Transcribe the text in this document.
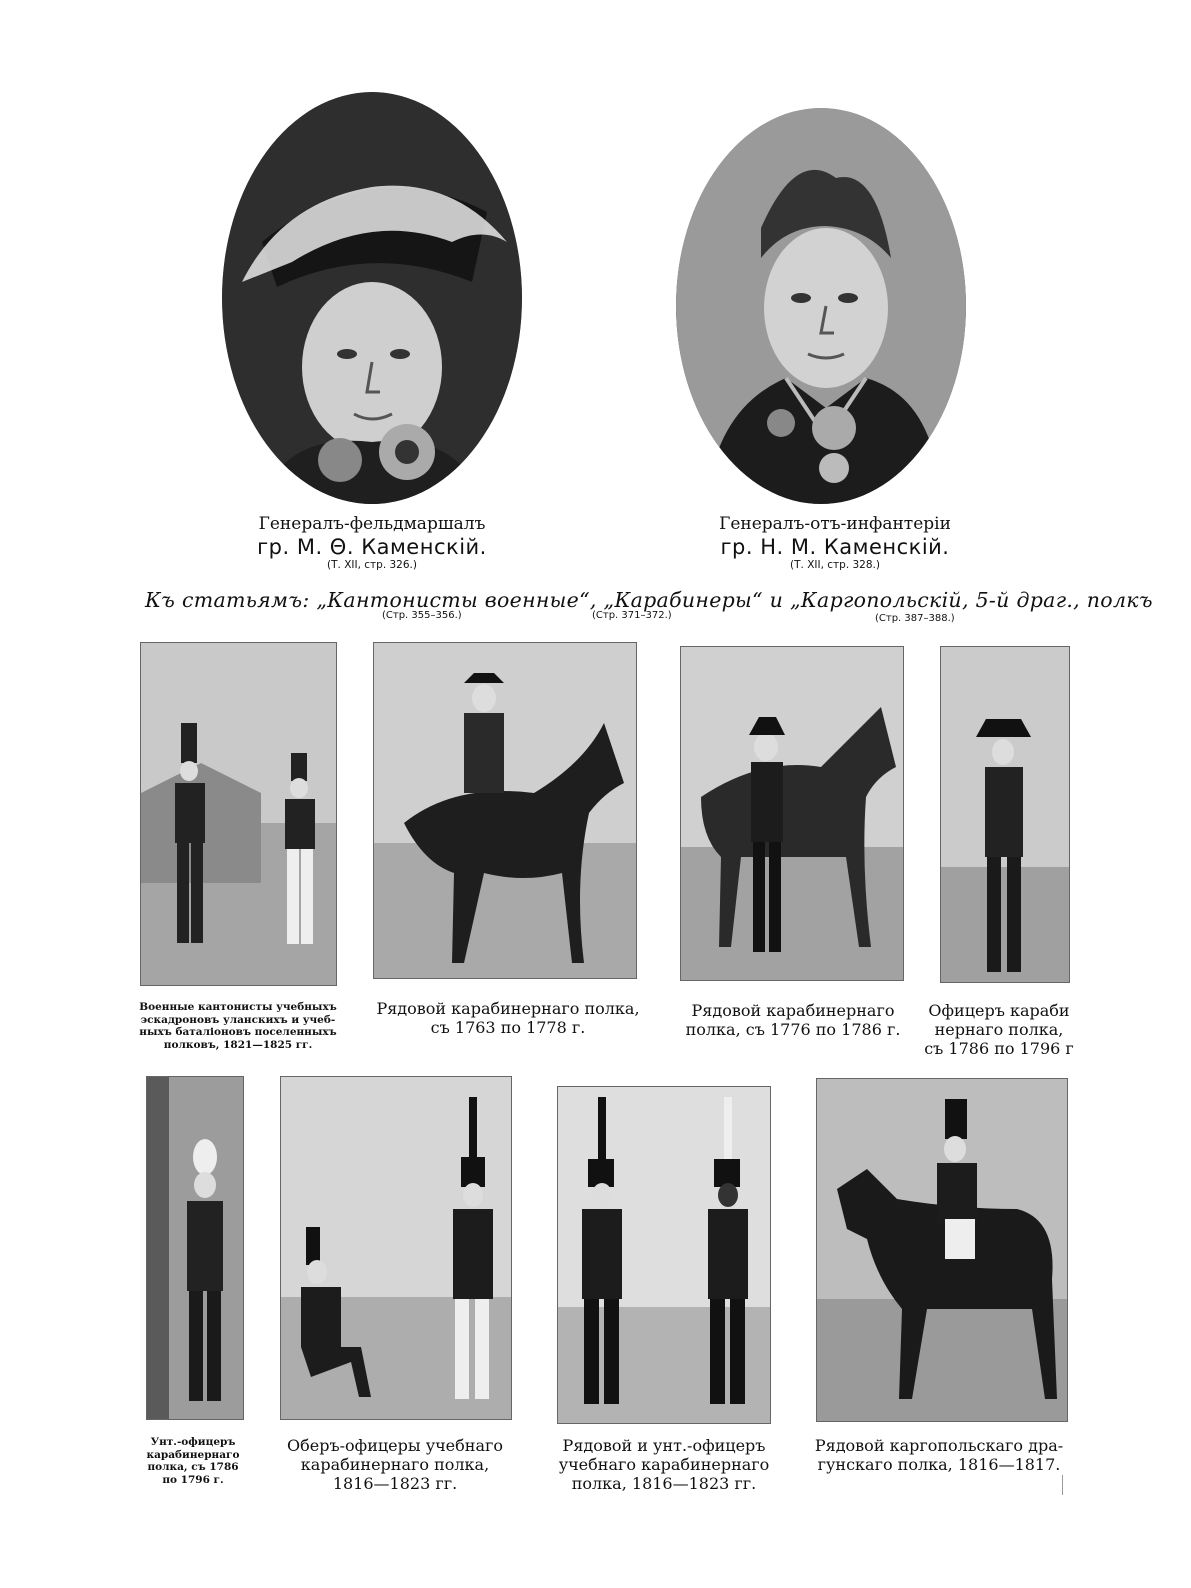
Генералъ-фельдмаршалъ
гр. М. Θ. Каменскій.
(Т. XII, стр. 326.)
Генералъ-отъ-инфантеріи
гр. Н. М. Каменскій.
(Т. XII, стр. 328.)
Къ статьямъ: „Кантонисты военные“, „Карабинеры“ и „Каргопольскій, 5-й драг., полкъ
(Стр. 355–356.)	(Стр. 371–372.)	(Стр. 387–388.)
Военные кантонисты учебныхъ
эскадроновъ уланскихъ и учеб-
ныхъ баталіоновъ поселенныхъ
полковъ, 1821—1825 гг.
Рядовой карабинернаго полка,
съ 1763 по 1778 г.
Рядовой карабинернаго
полка, съ 1776 по 1786 г.
Офицеръ караби
нернаго полка,
съ 1786 по 1796 г
Унт.-офицеръ
карабинернаго
полка, съ 1786
по 1796 г.
Оберъ-офицеры учебнаго
карабинернаго полка,
1816—1823 гг.
Рядовой и унт.-офицеръ
учебнаго карабинернаго
полка, 1816—1823 гг.
Рядовой каргопольскаго дра-
гунскаго полка, 1816—1817.
